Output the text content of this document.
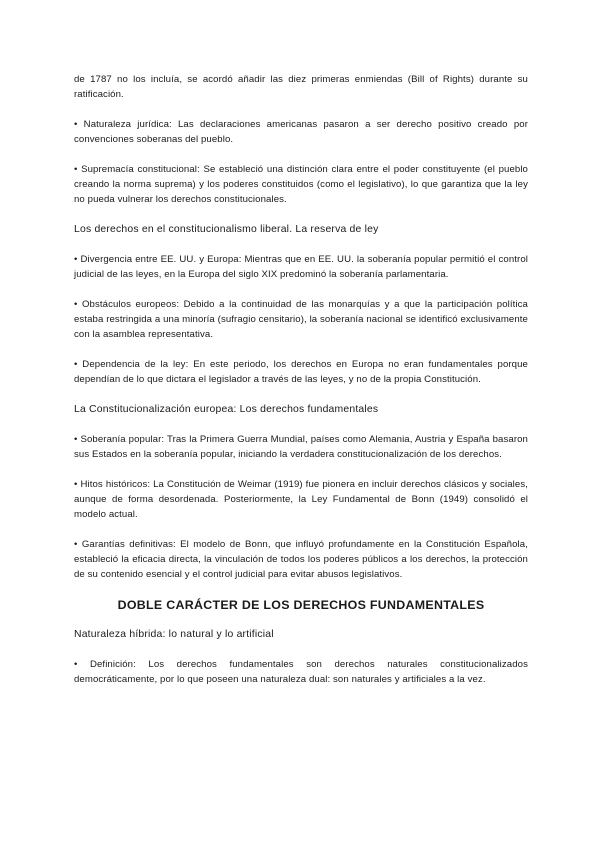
de 1787 no los incluía, se acordó añadir las diez primeras enmiendas (Bill of Rights) durante su ratificación.

• Naturaleza jurídica: Las declaraciones americanas pasaron a ser derecho positivo creado por convenciones soberanas del pueblo.

• Supremacía constitucional: Se estableció una distinción clara entre el poder constituyente (el pueblo creando la norma suprema) y los poderes constituidos (como el legislativo), lo que garantiza que la ley no pueda vulnerar los derechos constitucionales.

Los derechos en el constitucionalismo liberal. La reserva de ley

• Divergencia entre EE. UU. y Europa: Mientras que en EE. UU. la soberanía popular permitió el control judicial de las leyes, en la Europa del siglo XIX predominó la soberanía parlamentaria.

• Obstáculos europeos: Debido a la continuidad de las monarquías y a que la participación política estaba restringida a una minoría (sufragio censitario), la soberanía nacional se identificó exclusivamente con la asamblea representativa.

• Dependencia de la ley: En este periodo, los derechos en Europa no eran fundamentales porque dependían de lo que dictara el legislador a través de las leyes, y no de la propia Constitución.

La Constitucionalización europea: Los derechos fundamentales

• Soberanía popular: Tras la Primera Guerra Mundial, países como Alemania, Austria y España basaron sus Estados en la soberanía popular, iniciando la verdadera constitucionalización de los derechos.

• Hitos históricos: La Constitución de Weimar (1919) fue pionera en incluir derechos clásicos y sociales, aunque de forma desordenada. Posteriormente, la Ley Fundamental de Bonn (1949) consolidó el modelo actual.

• Garantías definitivas: El modelo de Bonn, que influyó profundamente en la Constitución Española, estableció la eficacia directa, la vinculación de todos los poderes públicos a los derechos, la protección de su contenido esencial y el control judicial para evitar abusos legislativos.

DOBLE CARÁCTER DE LOS DERECHOS FUNDAMENTALES

Naturaleza híbrida: lo natural y lo artificial

• Definición: Los derechos fundamentales son derechos naturales constitucionalizados democráticamente, por lo que poseen una naturaleza dual: son naturales y artificiales a la vez.
